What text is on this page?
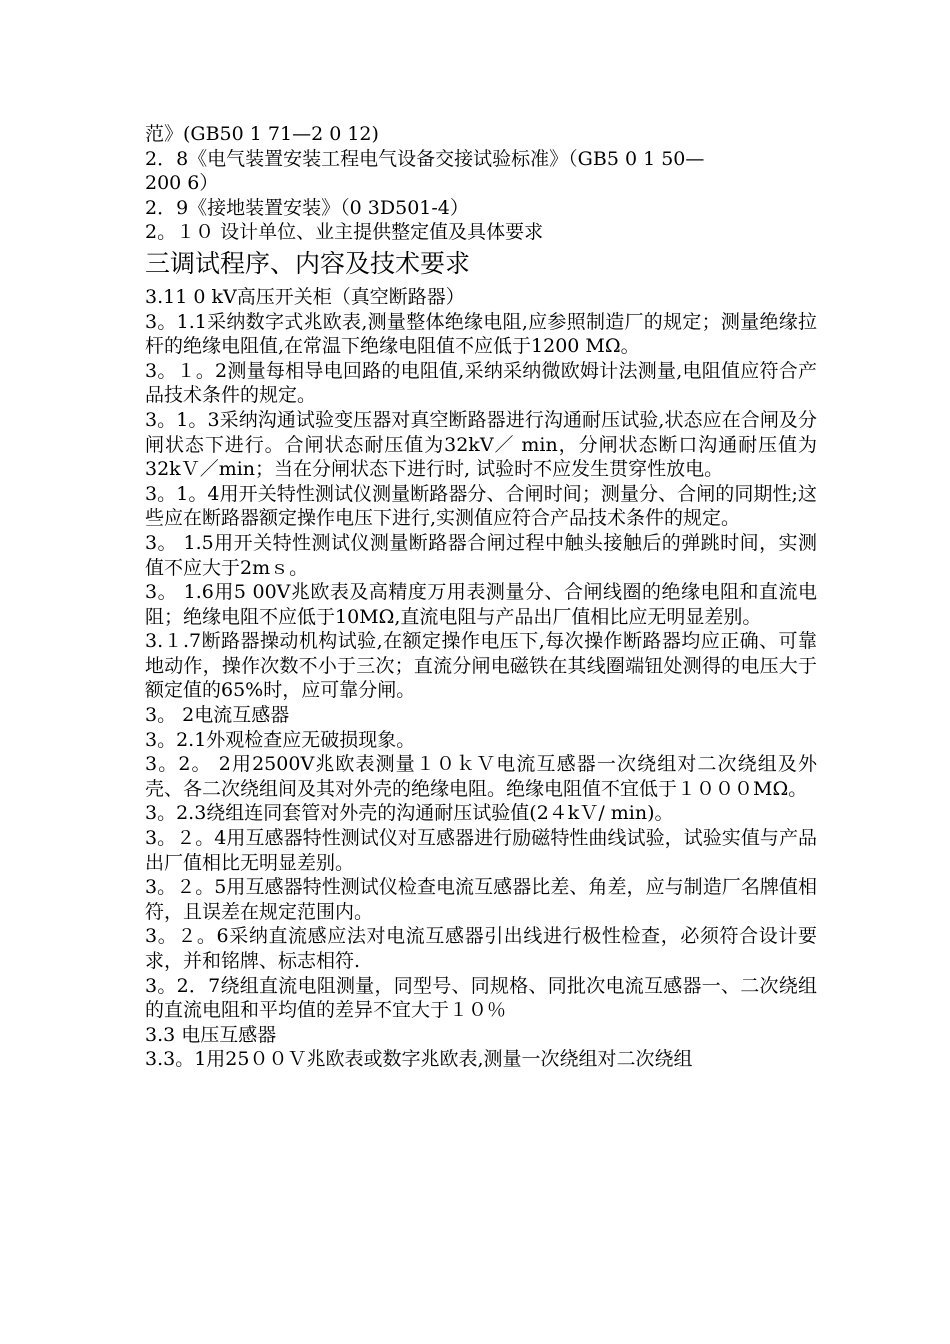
范》(GB50 1 71—2 0 12)
2．8《电气装置安装工程电气设备交接试验标准》（GB5 0 1 50—
200 6）
2．9《接地装置安装》（0 3D501-4）
2。１０ 设计单位、业主提供整定值及具体要求
三调试程序、内容及技术要求

3.11 0 kV高压开关柜（真空断路器）

3。1.1采纳数字式兆欧表,测量整体绝缘电阻,应参照制造厂的规定；测量绝缘拉杆的绝缘电阻值,在常温下绝缘电阻值不应低于1200 MΩ。

3。１。2测量每相导电回路的电阻值,采纳采纳微欧姆计法测量,电阻值应符合产品技术条件的规定。

3。1。3采纳沟通试验变压器对真空断路器进行沟通耐压试验,状态应在合闸及分闸状态下进行。合闸状态耐压值为32kV／ min，分闸状态断口沟通耐压值为32kＶ／min；当在分闸状态下进行时, 试验时不应发生贯穿性放电。

3。1。4用开关特性测试仪测量断路器分、合闸时间；测量分、合闸的同期性;这些应在断路器额定操作电压下进行,实测值应符合产品技术条件的规定。

3。 1.5用开关特性测试仪测量断路器合闸过程中触头接触后的弹跳时间，实测值不应大于2mｓ。

3。 1.6用5 00V兆欧表及高精度万用表测量分、合闸线圈的绝缘电阻和直流电阻；绝缘电阻不应低于10MΩ,直流电阻与产品出厂值相比应无明显差别。

3.１.7断路器操动机构试验,在额定操作电压下,每次操作断路器均应正确、可靠地动作，操作次数不小于三次；直流分闸电磁铁在其线圈端钮处测得的电压大于额定值的65%时，应可靠分闸。

3。 2电流互感器

3。2.1外观检查应无破损现象。

3。2。 2用2500V兆欧表测量１０ｋＶ电流互感器一次绕组对二次绕组及外壳、各二次绕组间及其对外壳的绝缘电阻。绝缘电阻值不宜低于１０００MΩ。

3。2.3绕组连同套管对外壳的沟通耐压试验值(2４kＶ/ min)。

3。２。4用互感器特性测试仪对互感器进行励磁特性曲线试验，试验实值与产品出厂值相比无明显差别。

3。２。5用互感器特性测试仪检查电流互感器比差、角差，应与制造厂名牌值相符，且误差在规定范围内。

3。２。6采纳直流感应法对电流互感器引出线进行极性检查，必须符合设计要求，并和铭牌、标志相符.

3。2．7绕组直流电阻测量，同型号、同规格、同批次电流互感器一、二次绕组的直流电阻和平均值的差异不宜大于１０％

3.3 电压互感器

3.3。1用25００Ｖ兆欧表或数字兆欧表,测量一次绕组对二次绕组
